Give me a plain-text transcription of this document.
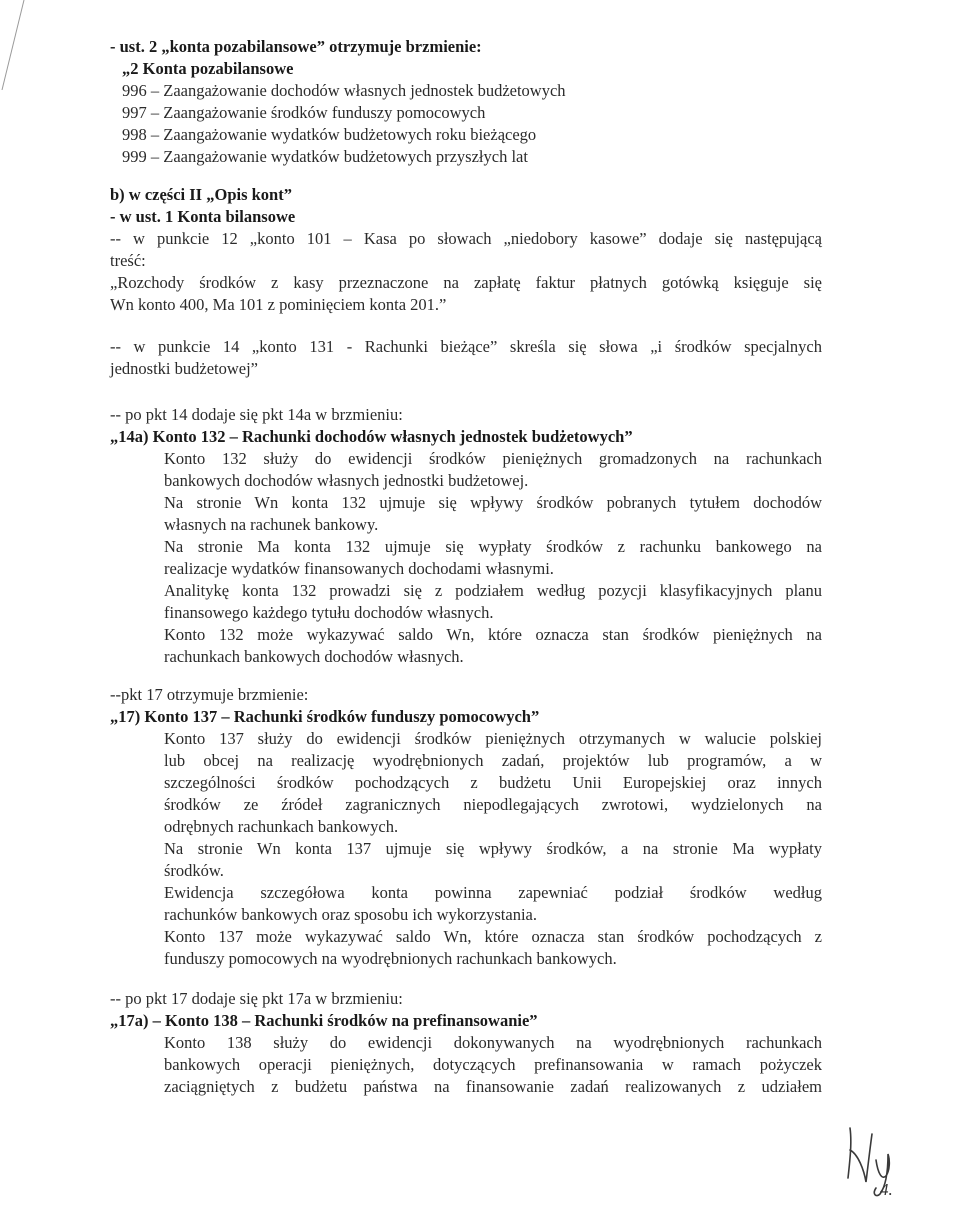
- ust. 2 „konta pozabilansowe” otrzymuje brzmienie:
„2 Konta pozabilansowe
996 – Zaangażowanie dochodów własnych jednostek budżetowych
997 – Zaangażowanie środków funduszy pomocowych
998 – Zaangażowanie wydatków budżetowych roku bieżącego
999 – Zaangażowanie wydatków budżetowych przyszłych lat
b) w części II „Opis kont”
- w ust. 1 Konta bilansowe
-- w punkcie 12 „konto 101 – Kasa po słowach „niedobory kasowe” dodaje się następującą
treść:
„Rozchody środków z kasy przeznaczone na zapłatę faktur płatnych gotówką księguje się
Wn konto 400, Ma 101 z pominięciem konta 201.”
-- w punkcie 14 „konto 131 - Rachunki bieżące” skreśla się słowa „i środków specjalnych
jednostki budżetowej”
-- po pkt 14 dodaje się pkt 14a w brzmieniu:
„14a) Konto 132 – Rachunki dochodów własnych jednostek budżetowych”
Konto 132 służy do ewidencji środków pieniężnych gromadzonych na rachunkach
bankowych dochodów własnych jednostki budżetowej.
Na stronie Wn konta 132 ujmuje się wpływy środków pobranych tytułem dochodów
własnych na rachunek bankowy.
Na stronie Ma konta 132 ujmuje się wypłaty środków z rachunku bankowego na
realizacje wydatków finansowanych dochodami własnymi.
Analitykę konta 132 prowadzi się z podziałem według pozycji klasyfikacyjnych planu
finansowego każdego tytułu dochodów własnych.
Konto 132 może wykazywać saldo Wn, które oznacza stan środków pieniężnych na
rachunkach bankowych dochodów własnych.
--pkt 17 otrzymuje brzmienie:
„17) Konto 137 – Rachunki środków funduszy pomocowych”
Konto 137 służy do ewidencji środków pieniężnych otrzymanych w walucie polskiej
lub obcej na realizację wyodrębnionych zadań, projektów lub programów, a w
szczególności środków pochodzących z budżetu Unii Europejskiej oraz innych
środków ze źródeł zagranicznych niepodlegających zwrotowi, wydzielonych na
odrębnych rachunkach bankowych.
Na stronie Wn konta 137 ujmuje się wpływy środków, a na stronie Ma wypłaty
środków.
Ewidencja szczegółowa konta powinna zapewniać podział środków według
rachunków bankowych oraz sposobu ich wykorzystania.
Konto 137 może wykazywać saldo Wn, które oznacza stan środków pochodzących z
funduszy pomocowych na wyodrębnionych rachunkach bankowych.
-- po pkt 17 dodaje się pkt 17a w brzmieniu:
„17a) – Konto 138 – Rachunki środków na prefinansowanie”
Konto 138 służy do ewidencji dokonywanych na wyodrębnionych rachunkach
bankowych operacji pieniężnych, dotyczących prefinansowania w ramach pożyczek
zaciągniętych z budżetu państwa na finansowanie zadań realizowanych z udziałem
4.
